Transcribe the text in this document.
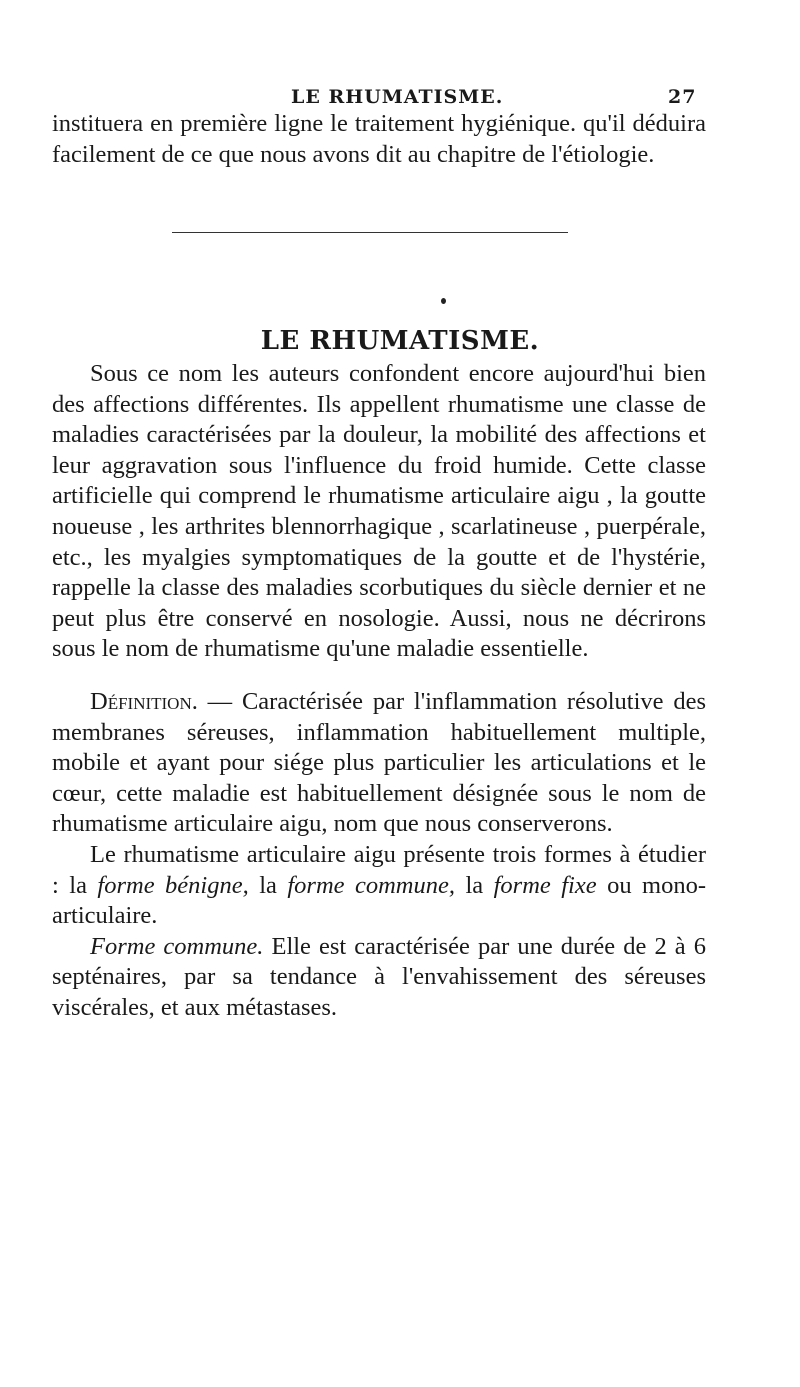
LE RHUMATISME.	27

instituera en première ligne le traitement hygiénique. qu'il déduira facilement de ce que nous avons dit au chapitre de l'étiologie.

LE RHUMATISME.

Sous ce nom les auteurs confondent encore aujourd'hui bien des affections différentes. Ils appellent rhumatisme une classe de maladies caractérisées par la douleur, la mobilité des affections et leur aggravation sous l'influence du froid humide. Cette classe artificielle qui comprend le rhumatisme articulaire aigu , la goutte noueuse , les arthrites blennorrhagique , scarlatineuse , puerpérale, etc., les myalgies symptomatiques de la goutte et de l'hystérie, rappelle la classe des maladies scorbutiques du siècle dernier et ne peut plus être conservé en nosologie. Aussi, nous ne décrirons sous le nom de rhumatisme qu'une maladie essentielle.

Définition. — Caractérisée par l'inflammation résolutive des membranes séreuses, inflammation habituellement multiple, mobile et ayant pour siége plus particulier les articulations et le cœur, cette maladie est habituellement désignée sous le nom de rhumatisme articulaire aigu, nom que nous conserverons.

Le rhumatisme articulaire aigu présente trois formes à étudier : la forme bénigne, la forme commune, la forme fixe ou mono-articulaire.

Forme commune. Elle est caractérisée par une durée de 2 à 6 septénaires, par sa tendance à l'envahissement des séreuses viscérales, et aux métastases.
